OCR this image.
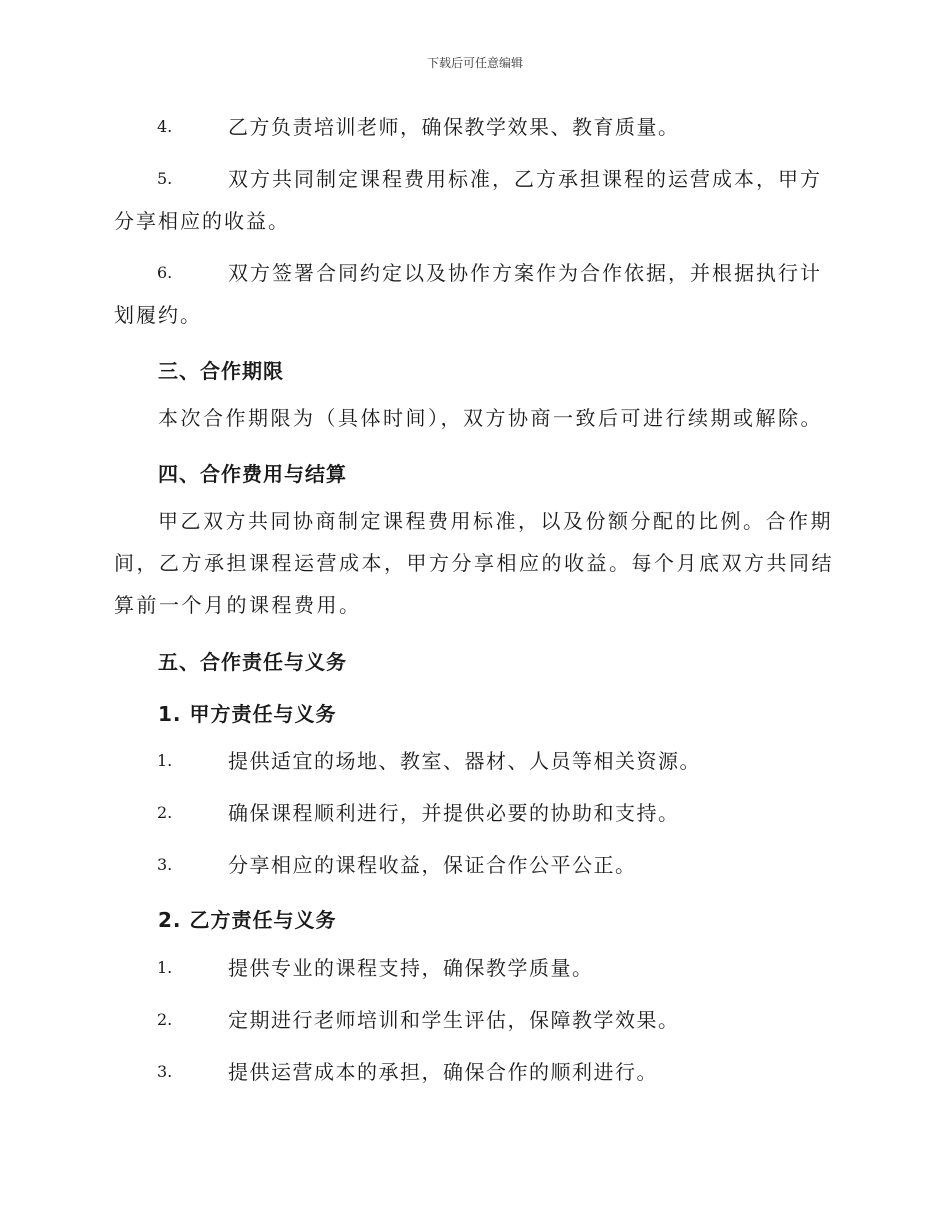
下载后可任意编辑
4.	乙方负责培训老师，确保教学效果、教育质量。
5.	双方共同制定课程费用标准，乙方承担课程的运营成本，甲方分享相应的收益。
6.	双方签署合同约定以及协作方案作为合作依据，并根据执行计划履约。
三、合作期限
本次合作期限为（具体时间），双方协商一致后可进行续期或解除。
四、合作费用与结算
甲乙双方共同协商制定课程费用标准，以及份额分配的比例。合作期间，乙方承担课程运营成本，甲方分享相应的收益。每个月底双方共同结算前一个月的课程费用。
五、合作责任与义务
1. 甲方责任与义务
1.	提供适宜的场地、教室、器材、人员等相关资源。
2.	确保课程顺利进行，并提供必要的协助和支持。
3.	分享相应的课程收益，保证合作公平公正。
2. 乙方责任与义务
1.	提供专业的课程支持，确保教学质量。
2.	定期进行老师培训和学生评估，保障教学效果。
3.	提供运营成本的承担，确保合作的顺利进行。
